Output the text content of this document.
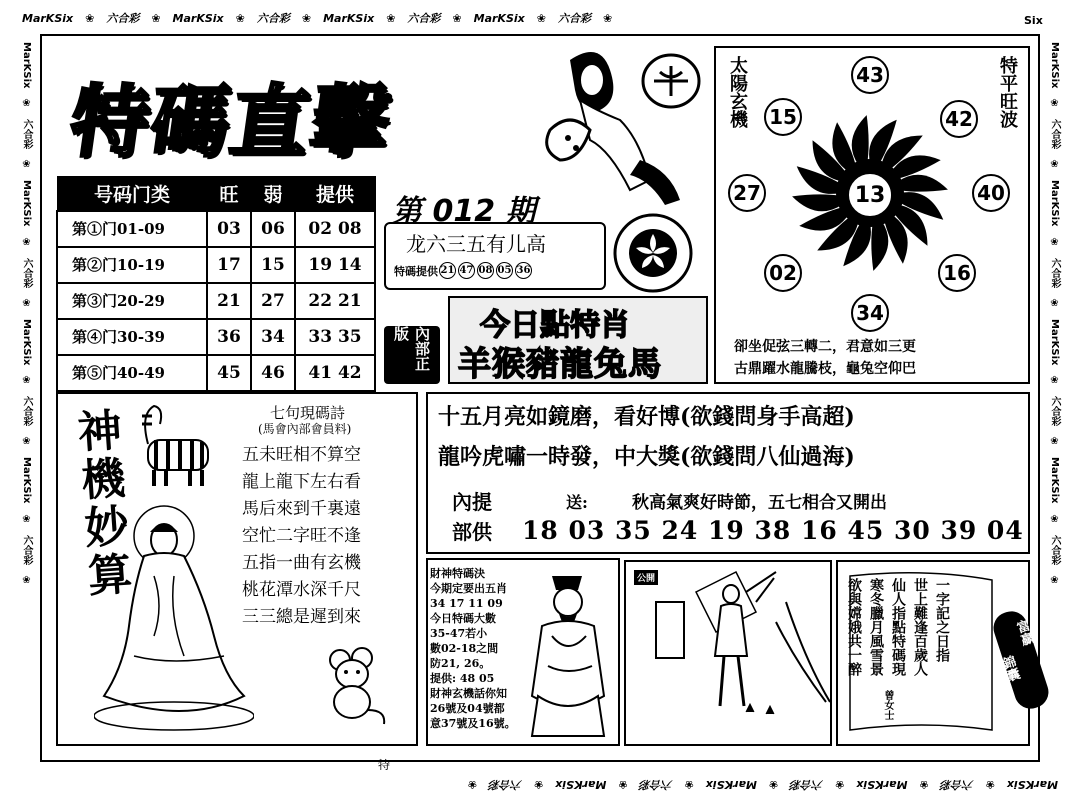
MarKSix ❀ 六合彩 ❀ MarKSix ❀ 六合彩 ❀ MarKSix ❀ 六合彩 ❀ MarKSix ❀ 六合彩 ❀
MarKSix❀六合彩❀MarKSix❀六合彩❀MarKSix❀六合彩❀MarKSix❀六合彩❀
MarKSix❀六合彩❀MarKSix❀六合彩❀MarKSix❀六合彩❀MarKSix❀六合彩❀
MarKSix❀六合彩❀MarKSix❀六合彩❀MarKSix❀六合彩❀MarKSix❀六合彩❀
Six
特碼直擊
号码门类	旺	弱	提供
第①门01-09	03	06	02 08
第②门10-19	17	15	19 14
第③门20-29	21	27	22 21
第④门30-39	36	34	33 35
第⑤门40-49	45	46	41 42
第 012 期
龙六三五有儿高
特碼提供 21 47 08 05 36
內部正版	今日點特肖
羊猴豬龍兔馬
太陽玄機	特平旺波
13
43
42
40
16
34
02
27
15
卻坐促弦三轉二，君意如三更
古鼎躍水龍騰枝，龜兔空仰巴
神機妙算	七句現碼詩
(馬會內部會員料)
五未旺相不算空
龍上龍下左右看
馬后來到千裏遠
空忙二字旺不逢
五指一曲有玄機
桃花潭水深千尺
三三總是遲到來
十五月亮如鏡磨，看好博(欲錢問身手高超)
龍吟虎嘯一時發，中大獎(欲錢問八仙過海)
內提
部供
送:	秋高氣爽好時節，五七相合又開出
18 03 35 24 19 38 16 45 30 39 04
財神特碼決
今期定要出五肖
34 17 11 09
今日特碼大數
35-47若小
數02-18之間
防21, 26。
提供: 48 05
財神玄機話你知
26號及04號都
意37號及16號。
公開	一字記之日指
世上難逢百歲人
仙人指點特碼現
寒冬臘月風雪景
欲與嫦娥共一醉
曾女士
富贏
錦囊
特
